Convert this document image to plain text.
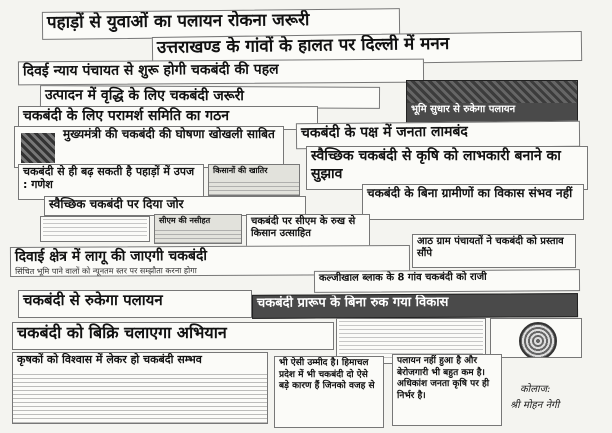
पहाड़ों से युवाओं का पलायन रोकना जरूरी
उत्तराखण्ड के गांवों के हालत पर दिल्ली में मनन
दिवई न्याय पंचायत से शुरू होगी चकबंदी की पहल
भूमि सुधार से रुकेगा पलायन
उत्पादन में वृद्धि के लिए चकबंदी जरूरी
चकबंदी के लिए परामर्श समिति का गठन
मुख्यमंत्री की चकबंदी की घोषणा खोखली साबित	चकबंदी के पक्ष में जनता लामबंद
स्वैच्छिक चकबंदी से कृषि को लाभकारी बनाने का सुझाव
चकबंदी से ही बढ़ सकती है पहाड़ों में उपज : गणेश
किसानों की खातिर
चकबंदी के बिना ग्रामीणों का विकास संभव नहीं
स्वैच्छिक चकबंदी पर दिया जोर
सीएम की नसीहत	चकबंदी पर सीएम के रुख से किसान उत्साहित
आठ ग्राम पंचायतों ने चकबंदी को प्रस्ताव सौंपे
दिवाई क्षेत्र में लागू की जाएगी चकबंदी
सिंचित भूमि पाने वालों को न्यूनतम स्तर पर सम्झौता करना होगा
कल्जीखाल ब्लाक के 8 गांव चकबंदी को राजी
चकबंदी से रुकेगा पलायन	चकबंदी प्रारूप के बिना रुक गया विकास
चकबंदी को बिक्रि चलाएगा अभियान
कृषकों को विश्वास में लेकर हो चकबंदी सम्भव	भी ऐसी उम्मीद है। हिमाचल प्रदेश में भी चकबंदी दो ऐसे बड़े कारण हैं जिनको वजह से
पलायन नहीं हुआ है और बेरोजगारी भी बहुत कम है। अधिकांश जनता कृषि पर ही निर्भर है।
कोलाज:
श्री मोहन नेगी
